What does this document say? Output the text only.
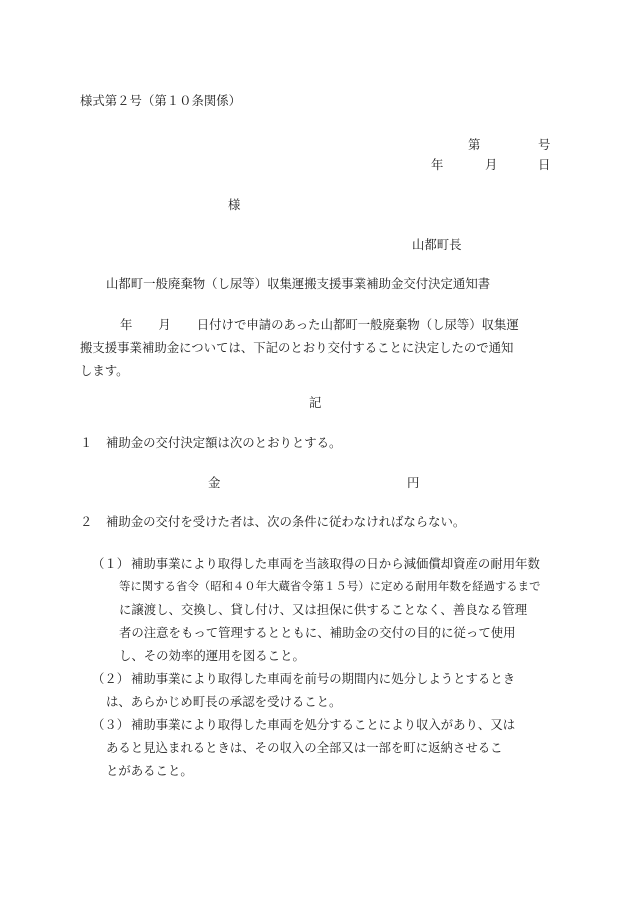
様式第２号（第１０条関係）
第	号
年	月	日
様
山都町長
山都町一般廃棄物（し尿等）収集運搬支援事業補助金交付決定通知書
年 月 日付けで申請のあった山都町一般廃棄物（し尿等）収集運
搬支援事業補助金については、下記のとおり交付することに決定したので通知
します。
記
１ 補助金の交付決定額は次のとおりとする。
金	円
２ 補助金の交付を受けた者は、次の条件に従わなければならない。
（１） 補助事業により取得した車両を当該取得の日から減価償却資産の耐用年数
等に関する省令（昭和４０年大蔵省令第１５号）に定める耐用年数を経過するまで
に譲渡し、交換し、貸し付け、又は担保に供することなく、善良なる管理
者の注意をもって管理するとともに、補助金の交付の目的に従って使用
し、その効率的運用を図ること。
（２） 補助事業により取得した車両を前号の期間内に処分しようとするとき
は、あらかじめ町長の承認を受けること。
（３） 補助事業により取得した車両を処分することにより収入があり、又は
あると見込まれるときは、その収入の全部又は一部を町に返納させるこ
とがあること。
